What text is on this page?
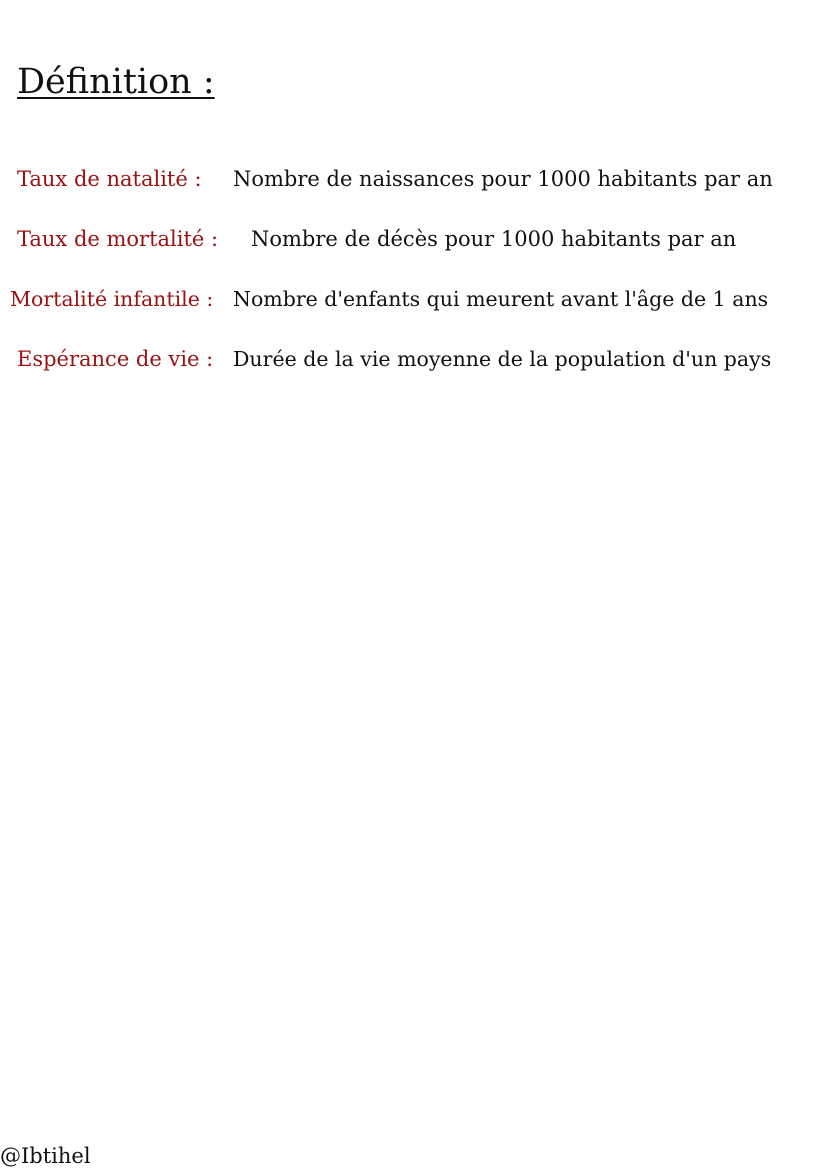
Définition :
Taux de natalité : Nombre de naissances pour 1000 habitants par an
Taux de mortalité : Nombre de décès pour 1000 habitants par an
Mortalité infantile : Nombre d'enfants qui meurent avant l'âge de 1 ans
Espérance de vie : Durée de la vie moyenne de la population d'un pays
@Ibtihel
